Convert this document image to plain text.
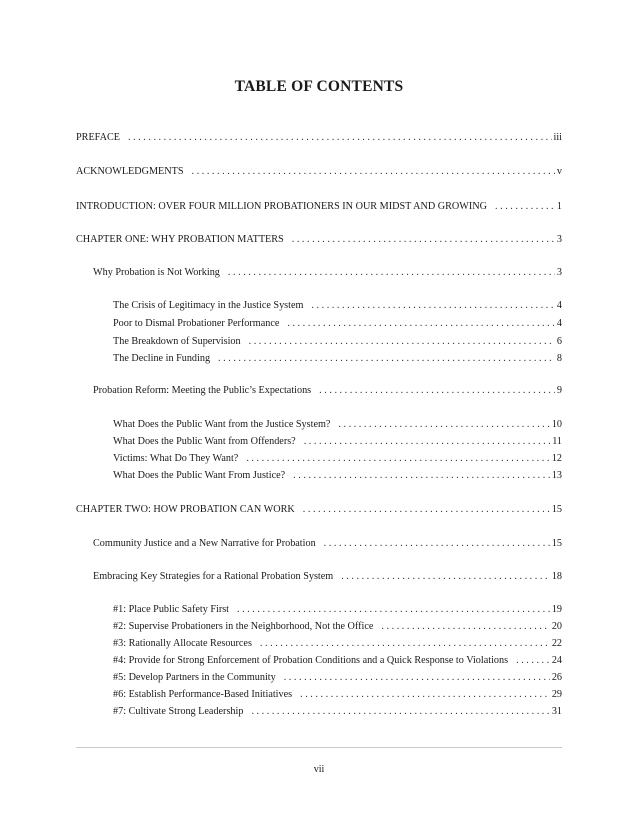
TABLE OF CONTENTS
PREFACE . . .	iii
ACKNOWLEDGMENTS . . .	v
INTRODUCTION: OVER FOUR MILLION PROBATIONERS IN OUR MIDST AND GROWING . . .	1
CHAPTER ONE: WHY PROBATION MATTERS . . .	3
Why Probation is Not Working . . .	3
The Crisis of Legitimacy in the Justice System . . .	4
Poor to Dismal Probationer Performance . . .	4
The Breakdown of Supervision . . .	6
The Decline in Funding . . .	8
Probation Reform: Meeting the Public’s Expectations . . .	9
What Does the Public Want from the Justice System? . . .	10
What Does the Public Want from Offenders? . . .	11
Victims: What Do They Want? . . .	12
What Does the Public Want From Justice? . . .	13
CHAPTER TWO: HOW PROBATION CAN WORK . . .	15
Community Justice and a New Narrative for Probation . . .	15
Embracing Key Strategies for a Rational Probation System . . .	18
#1: Place Public Safety First . . .	19
#2: Supervise Probationers in the Neighborhood, Not the Office . . .	20
#3: Rationally Allocate Resources . . .	22
#4: Provide for Strong Enforcement of Probation Conditions and a Quick Response to Violations . . .	24
#5: Develop Partners in the Community . . .	26
#6: Establish Performance-Based Initiatives . . .	29
#7: Cultivate Strong Leadership . . .	31
vii
